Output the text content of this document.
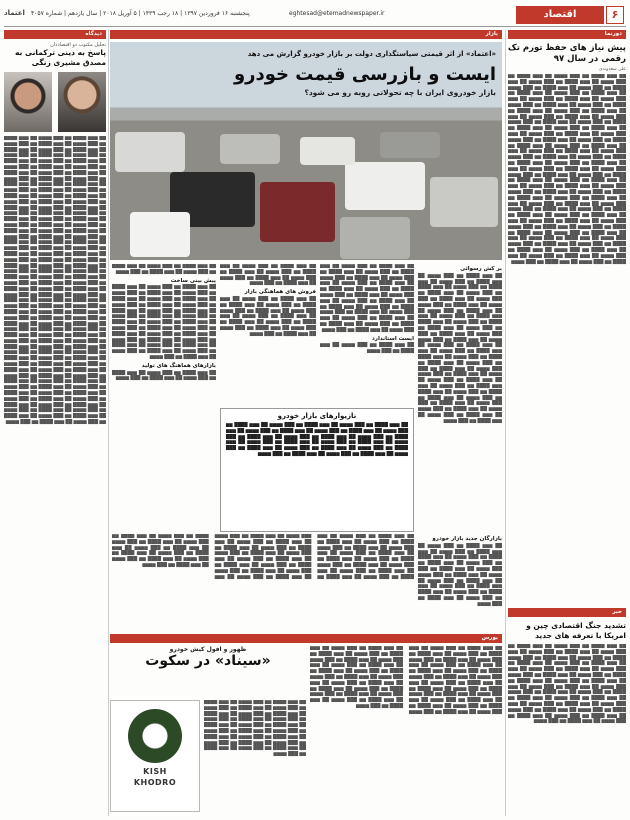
اعتماد پنجشنبه ۱۶ فروردین ۱۳۹۷ | ۱۸ رجب ۱۴۳۹ | ۵ آوریل ۲۰۱۸ | سال یازدهم | شماره ۴۰۵۷	eghtesad@etemadnewspaper.ir	اقتصاد	۶
دورنما
پیش نیاز های حفظ تورم تک رقمی در سال ۹۷
علی سعدوندی
██ ▆▆▆ ████ ▆▆ ███ ▆▆▆▆ ██ ▆▆▆ ████ ▆▆ ███ ▆▆▆▆ ██ ▆▆▆ ████ ▆▆ ███ ▆▆▆▆ ██ ▆▆▆ ████ ▆▆ ███ ▆▆▆▆ ██ ▆▆▆ ████ ▆▆ ███ ▆▆▆▆ ██ ▆▆▆ ████ ▆▆ ███ ▆▆▆▆ ██ ▆▆▆ ████ ▆▆ ███ ▆▆▆▆ ██ ▆▆▆ ████ ▆▆ ███ ▆▆▆▆ ██ ▆▆▆ ████ ▆▆ ███ ▆▆▆▆ ██ ▆▆▆ ████ ▆▆ ███ ▆▆▆▆ ██ ▆▆▆ ████ ▆▆ ███ ▆▆▆▆ ██ ▆▆▆ ████ ▆▆ ███ ▆▆▆▆ ██ ▆▆▆ ████ ▆▆ ███ ▆▆▆▆ ██ ▆▆▆ ████ ▆▆ ███ ▆▆▆▆ ██ ▆▆▆ ████ ▆▆ ███ ▆▆▆▆ ██ ▆▆▆ ████ ▆▆ ███ ▆▆▆▆ ██ ▆▆▆ ████ ▆▆ ███ ▆▆▆▆ ██ ▆▆▆ ████ ▆▆ ███ ▆▆▆▆ ██ ▆▆▆ ████ ▆▆ ███ ▆▆▆▆ ██ ▆▆▆ ████ ▆▆ ███ ▆▆▆▆ ██ ▆▆▆ ████ ▆▆ ███ ▆▆▆▆ ██ ▆▆▆ ████ ▆▆ ███ ▆▆▆▆ ██ ▆▆▆ ████ ▆▆ ███ ▆▆▆▆ ██ ▆▆▆ ████ ▆▆ ███ ▆▆▆▆ ██ ▆▆▆ ████ ▆▆ ███ ▆▆▆▆ ██ ▆▆▆ ████ ▆▆ ███ ▆▆▆▆ ██ ▆▆▆ ████ ▆▆ ███ ▆▆▆▆ ██ ▆▆▆ ████ ▆▆ ███ ▆▆▆▆ ██ ▆▆▆ ████ ▆▆ ███ ▆▆▆▆ ██ ▆▆▆ ████ ▆▆ ███ ▆▆▆▆ ██ ▆▆▆ ████ ▆▆ ███ ▆▆▆▆ ██ ▆▆▆ ████ ▆▆ ███ ▆▆▆▆ ██ ▆▆▆ ████ ▆▆ ███ ▆▆▆▆ ██ ▆▆▆ ████ ▆▆ ███ ▆▆▆▆ ██ ▆▆▆ ████ ▆▆ ███ ▆▆▆▆ ██ ▆▆▆ ████ ▆▆ ███ ▆▆▆▆ ██ ▆▆▆ ████ ▆▆ ███ ▆▆▆▆ ██ ▆▆▆ ████ ▆▆ ███ ▆▆▆▆ ██ ▆▆▆ ████ ▆▆ ███ ▆▆▆▆ ██ ▆▆▆ ████ ▆▆ ███ ▆▆▆▆ ██ ▆▆▆ ████ ▆▆ ███ ▆▆▆▆ ██ ▆▆▆ ████ ▆▆ ███ ▆▆▆▆ ██ ▆▆▆ ████ ▆▆ ███ ▆▆▆▆ ██ ▆▆▆ ████ ▆▆ ███ ▆▆▆▆ ██ ▆▆▆ ████ ▆▆ ███ ▆▆▆▆ ██ ▆▆▆ ████ ▆▆ ███ ▆▆▆▆ ██ ▆▆▆ ████ ▆▆ ███ ▆▆▆▆ ██ ▆▆▆ ████ ▆▆ ███ ▆▆▆▆ ██ ▆▆▆ ████ ▆▆ ███ ▆▆▆▆ ██ ▆▆▆ ████ ▆▆ ███ ▆▆▆▆ ██ ▆▆▆ ████ ▆▆ ███ ▆▆▆▆ ██ ▆▆▆ ████ ▆▆ ███ ▆▆▆▆ ██ ▆▆▆ ████ ▆▆ ███ ▆▆▆▆ ██ ▆▆▆ ████ ▆▆ ███ ▆▆▆▆ ██ ▆▆▆ ████ ▆▆ ███ ▆▆▆▆
خبر
تشدید جنگ اقتصادی چین و امریکا با تعرفه های جدید
██ ▆▆▆ ████ ▆▆ ███ ▆▆▆▆ ██ ▆▆▆ ████ ▆▆ ███ ▆▆▆▆ ██ ▆▆▆ ████ ▆▆ ███ ▆▆▆▆ ██ ▆▆▆ ████ ▆▆ ███ ▆▆▆▆ ██ ▆▆▆ ████ ▆▆ ███ ▆▆▆▆ ██ ▆▆▆ ████ ▆▆ ███ ▆▆▆▆ ██ ▆▆▆ ████ ▆▆ ███ ▆▆▆▆ ██ ▆▆▆ ████ ▆▆ ███ ▆▆▆▆ ██ ▆▆▆ ████ ▆▆ ███ ▆▆▆▆ ██ ▆▆▆ ████ ▆▆ ███ ▆▆▆▆ ██ ▆▆▆ ████ ▆▆ ███ ▆▆▆▆ ██ ▆▆▆ ████ ▆▆ ███ ▆▆▆▆ ██ ▆▆▆ ████ ▆▆ ███ ▆▆▆▆ ██ ▆▆▆ ████ ▆▆ ███ ▆▆▆▆ ██ ▆▆▆ ████ ▆▆ ███ ▆▆▆▆ ██ ▆▆▆ ████ ▆▆ ███ ▆▆▆▆ ██ ▆▆▆ ████ ▆▆ ███ ▆▆▆▆ ██ ▆▆▆ ████ ▆▆ ███ ▆▆▆▆ ██ ▆▆▆ ████ ▆▆ ███ ▆▆▆▆ ██ ▆▆▆ ████ ▆▆ ███ ▆▆▆▆ ██ ▆▆▆ ████ ▆▆ ███ ▆▆▆▆ ██ ▆▆▆ ████ ▆▆ ███ ▆▆▆▆ ██ ▆▆▆ ████ ▆▆ ███ ▆▆▆▆
دیدگاه
تحلیل مکتوب دو اقتصاددان
پاسخ به دینی ترکمانی به مصدق مشیری زنگی
██ ▆▆▆ ████ ▆▆ ███ ▆▆▆▆ ██ ▆▆▆ ████ ▆▆ ███ ▆▆▆▆ ██ ▆▆▆ ████ ▆▆ ███ ▆▆▆▆ ██ ▆▆▆ ████ ▆▆ ███ ▆▆▆▆ ██ ▆▆▆ ████ ▆▆ ███ ▆▆▆▆ ██ ▆▆▆ ████ ▆▆ ███ ▆▆▆▆ ██ ▆▆▆ ████ ▆▆ ███ ▆▆▆▆ ██ ▆▆▆ ████ ▆▆ ███ ▆▆▆▆ ██ ▆▆▆ ████ ▆▆ ███ ▆▆▆▆ ██ ▆▆▆ ████ ▆▆ ███ ▆▆▆▆ ██ ▆▆▆ ████ ▆▆ ███ ▆▆▆▆ ██ ▆▆▆ ████ ▆▆ ███ ▆▆▆▆ ██ ▆▆▆ ████ ▆▆ ███ ▆▆▆▆ ██ ▆▆▆ ████ ▆▆ ███ ▆▆▆▆ ██ ▆▆▆ ████ ▆▆ ███ ▆▆▆▆ ██ ▆▆▆ ████ ▆▆ ███ ▆▆▆▆ ██ ▆▆▆ ████ ▆▆ ███ ▆▆▆▆ ██ ▆▆▆ ████ ▆▆ ███ ▆▆▆▆ ██ ▆▆▆ ████ ▆▆ ███ ▆▆▆▆ ██ ▆▆▆ ████ ▆▆ ███ ▆▆▆▆ ██ ▆▆▆ ████ ▆▆ ███ ▆▆▆▆ ██ ▆▆▆ ████ ▆▆ ███ ▆▆▆▆ ██ ▆▆▆ ████ ▆▆ ███ ▆▆▆▆ ██ ▆▆▆ ████ ▆▆ ███ ▆▆▆▆ ██ ▆▆▆ ████ ▆▆ ███ ▆▆▆▆ ██ ▆▆▆ ████ ▆▆ ███ ▆▆▆▆ ██ ▆▆▆ ████ ▆▆ ███ ▆▆▆▆ ██ ▆▆▆ ████ ▆▆ ███ ▆▆▆▆ ██ ▆▆▆ ████ ▆▆ ███ ▆▆▆▆ ██ ▆▆▆ ████ ▆▆ ███ ▆▆▆▆ ██ ▆▆▆ ████ ▆▆ ███ ▆▆▆▆ ██ ▆▆▆ ████ ▆▆ ███ ▆▆▆▆ ██ ▆▆▆ ████ ▆▆ ███ ▆▆▆▆ ██ ▆▆▆ ████ ▆▆ ███ ▆▆▆▆ ██ ▆▆▆ ████ ▆▆ ███ ▆▆▆▆ ██ ▆▆▆ ████ ▆▆ ███ ▆▆▆▆ ██ ▆▆▆ ████ ▆▆ ███ ▆▆▆▆ ██ ▆▆▆ ████ ▆▆ ███ ▆▆▆▆ ██ ▆▆▆ ████ ▆▆ ███ ▆▆▆▆ ██ ▆▆▆ ████ ▆▆ ███ ▆▆▆▆ ██ ▆▆▆ ████ ▆▆ ███ ▆▆▆▆ ██ ▆▆▆ ████ ▆▆ ███ ▆▆▆▆ ██ ▆▆▆ ████ ▆▆ ███ ▆▆▆▆ ██ ▆▆▆ ████ ▆▆ ███ ▆▆▆▆ ██ ▆▆▆ ████ ▆▆ ███ ▆▆▆▆ ██ ▆▆▆ ████ ▆▆ ███ ▆▆▆▆ ██ ▆▆▆ ████ ▆▆ ███ ▆▆▆▆ ██ ▆▆▆ ████ ▆▆ ███ ▆▆▆▆ ██ ▆▆▆ ████ ▆▆ ███ ▆▆▆▆ ██ ▆▆▆ ████ ▆▆ ███ ▆▆▆▆ ██ ▆▆▆ ████ ▆▆ ███ ▆▆▆▆ ██ ▆▆▆ ████ ▆▆ ███ ▆▆▆▆ ██ ▆▆▆ ████ ▆▆ ███ ▆▆▆▆ ██ ▆▆▆ ████ ▆▆ ███ ▆▆▆▆ ██ ▆▆▆ ████ ▆▆ ███ ▆▆▆▆ ██ ▆▆▆ ████ ▆▆ ███ ▆▆▆▆ ██ ▆▆▆ ████ ▆▆ ███ ▆▆▆▆ ██ ▆▆▆ ████ ▆▆ ███ ▆▆▆▆ ██ ▆▆▆ ████ ▆▆ ███ ▆▆▆▆ ██ ▆▆▆ ████ ▆▆ ███ ▆▆▆▆ ██ ▆▆▆ ████ ▆▆ ███ ▆▆▆▆ ██ ▆▆▆ ████ ▆▆ ███ ▆▆▆▆ ██ ▆▆▆ ████ ▆▆ ███ ▆▆▆▆ ██ ▆▆▆ ████ ▆▆ ███ ▆▆▆▆ ██ ▆▆▆ ████ ▆▆ ███ ▆▆▆▆ ██ ▆▆▆ ████ ▆▆ ███ ▆▆▆▆ ██ ▆▆▆ ████ ▆▆ ███ ▆▆▆▆ ██ ▆▆▆ ████ ▆▆ ███ ▆▆▆▆ ██ ▆▆▆ ████ ▆▆ ███ ▆▆▆▆ ██ ▆▆▆ ████ ▆▆ ███ ▆▆▆▆ ██ ▆▆▆ ████ ▆▆ ███ ▆▆▆▆ ██ ▆▆▆ ████ ▆▆ ███ ▆▆▆▆ ██ ▆▆▆ ████ ▆▆ ███ ▆▆▆▆ ██ ▆▆▆ ████ ▆▆ ███ ▆▆▆▆ ██ ▆▆▆ ████ ▆▆ ███ ▆▆▆▆
بازار
«اعتماد» از اثر قیمتی سیاستگذاری دولت بر بازار خودرو گزارش می دهد
ایست و بازرسی قیمت خودرو
بازار خودروی ایران با چه تحولاتی روبه رو می شود؟
بر کش رسوائی
██ ▆▆▆ ████ ▆▆ ███ ▆▆▆▆ ██ ▆▆▆ ████ ▆▆ ███ ▆▆▆▆ ██ ▆▆▆ ████ ▆▆ ███ ▆▆▆▆ ██ ▆▆▆ ████ ▆▆ ███ ▆▆▆▆ ██ ▆▆▆ ████ ▆▆ ███ ▆▆▆▆ ██ ▆▆▆ ████ ▆▆ ███ ▆▆▆▆ ██ ▆▆▆ ████ ▆▆ ███ ▆▆▆▆ ██ ▆▆▆ ████ ▆▆ ███ ▆▆▆▆ ██ ▆▆▆ ████ ▆▆ ███ ▆▆▆▆ ██ ▆▆▆ ████ ▆▆ ███ ▆▆▆▆ ██ ▆▆▆ ████ ▆▆ ███ ▆▆▆▆ ██ ▆▆▆ ████ ▆▆ ███ ▆▆▆▆ ██ ▆▆▆ ████ ▆▆ ███ ▆▆▆▆ ██ ▆▆▆ ████ ▆▆ ███ ▆▆▆▆ ██ ▆▆▆ ████ ▆▆ ███ ▆▆▆▆ ██ ▆▆▆ ████ ▆▆ ███ ▆▆▆▆ ██ ▆▆▆ ████ ▆▆ ███ ▆▆▆▆ ██ ▆▆▆ ████ ▆▆ ███ ▆▆▆▆ ██ ▆▆▆ ████ ▆▆ ███ ▆▆▆▆ ██ ▆▆▆ ████ ▆▆ ███ ▆▆▆▆ ██ ▆▆▆ ████ ▆▆ ███ ▆▆▆▆ ██ ▆▆▆ ████ ▆▆ ███ ▆▆▆▆ ██ ▆▆▆ ████ ▆▆ ███ ▆▆▆▆ ██ ▆▆▆ ████ ▆▆ ███ ▆▆▆▆ ██ ▆▆▆ ████ ▆▆ ███ ▆▆▆▆ ██ ▆▆▆ ████ ▆▆ ███ ▆▆▆▆ ██ ▆▆▆ ████ ▆▆ ███ ▆▆▆▆ ██ ▆▆▆ ████ ▆▆ ███ ▆▆▆▆ ██ ▆▆▆ ████ ▆▆ ███ ▆▆▆▆ ██ ▆▆▆ ████ ▆▆ ███ ▆▆▆▆
██ ▆▆▆ ████ ▆▆ ███ ▆▆▆▆ ██ ▆▆▆ ████ ▆▆ ███ ▆▆▆▆ ██ ▆▆▆ ████ ▆▆ ███ ▆▆▆▆ ██ ▆▆▆ ████ ▆▆ ███ ▆▆▆▆ ██ ▆▆▆ ████ ▆▆ ███ ▆▆▆▆ ██ ▆▆▆ ████ ▆▆ ███ ▆▆▆▆ ██ ▆▆▆ ████ ▆▆ ███ ▆▆▆▆ ██ ▆▆▆ ████ ▆▆ ███ ▆▆▆▆ ██ ▆▆▆ ████ ▆▆ ███ ▆▆▆▆ ██ ▆▆▆ ████ ▆▆ ███ ▆▆▆▆ ██ ▆▆▆ ████ ▆▆ ███ ▆▆▆▆ ██ ▆▆▆ ████ ▆▆ ███ ▆▆▆▆ ██ ▆▆▆ ████ ▆▆ ███ ▆▆▆▆ ██ ▆▆▆ ████ ▆▆ ███ ▆▆▆▆ ██ ▆▆▆ ████ ▆▆ ███ ▆▆▆▆ ██ ▆▆▆ ████ ▆▆ ███ ▆▆▆▆
ایست استاندارد
██ ▆▆▆ ████ ▆▆ ███ ▆▆▆▆ ██ ▆▆▆ ████ ▆▆ ███ ▆▆▆▆
██ ▆▆▆ ████ ▆▆ ███ ▆▆▆▆ ██ ▆▆▆ ████ ▆▆ ███ ▆▆▆▆ ██ ▆▆▆ ████ ▆▆ ███ ▆▆▆▆ ██ ▆▆▆ ████ ▆▆ ███ ▆▆▆▆ ██ ▆▆▆ ████ ▆▆ ███ ▆▆▆▆
فروش های هماهنگی بازار
██ ▆▆▆ ████ ▆▆ ███ ▆▆▆▆ ██ ▆▆▆ ████ ▆▆ ███ ▆▆▆▆ ██ ▆▆▆ ████ ▆▆ ███ ▆▆▆▆ ██ ▆▆▆ ████ ▆▆ ███ ▆▆▆▆ ██ ▆▆▆ ████ ▆▆ ███ ▆▆▆▆ ██ ▆▆▆ ████ ▆▆ ███ ▆▆▆▆ ██ ▆▆▆ ████ ▆▆ ███ ▆▆▆▆ ██ ▆▆▆ ████ ▆▆ ███ ▆▆▆▆ ██ ▆▆▆ ████ ▆▆ ███ ▆▆▆▆
██ ▆▆▆ ████ ▆▆ ███ ▆▆▆▆ ██ ▆▆▆ ████ ▆▆ ███ ▆▆▆▆ ██ ▆▆▆ ████ ▆▆ ███ ▆▆▆▆
پیش بینی ساخت
██ ▆▆▆ ████ ▆▆ ███ ▆▆▆▆ ██ ▆▆▆ ████ ▆▆ ███ ▆▆▆▆ ██ ▆▆▆ ████ ▆▆ ███ ▆▆▆▆ ██ ▆▆▆ ████ ▆▆ ███ ▆▆▆▆ ██ ▆▆▆ ████ ▆▆ ███ ▆▆▆▆ ██ ▆▆▆ ████ ▆▆ ███ ▆▆▆▆ ██ ▆▆▆ ████ ▆▆ ███ ▆▆▆▆ ██ ▆▆▆ ████ ▆▆ ███ ▆▆▆▆ ██ ▆▆▆ ████ ▆▆ ███ ▆▆▆▆ ██ ▆▆▆ ████ ▆▆ ███ ▆▆▆▆ ██ ▆▆▆ ████ ▆▆ ███ ▆▆▆▆ ██ ▆▆▆ ████ ▆▆ ███ ▆▆▆▆ ██ ▆▆▆ ████ ▆▆ ███ ▆▆▆▆ ██ ▆▆▆ ████ ▆▆ ███ ▆▆▆▆ ██ ▆▆▆ ████ ▆▆ ███ ▆▆▆▆ ██ ▆▆▆ ████ ▆▆ ███ ▆▆▆▆ ██ ▆▆▆ ████ ▆▆ ███ ▆▆▆▆ ██ ▆▆▆ ████ ▆▆ ███ ▆▆▆▆ ██ ▆▆▆ ████ ▆▆ ███ ▆▆▆▆
بازارهای هماهنگ های تولید
██ ▆▆▆ ████ ▆▆ ███ ▆▆▆▆ ██ ▆▆▆ ████ ▆▆ ███ ▆▆▆▆ ██ ▆▆▆ ████ ▆▆ ███ ▆▆▆▆
نازیوارهای بازار خودرو
██ ▆▆▆ ████ ▆▆ ███ ▆▆▆▆ ██ ▆▆▆ ████ ▆▆ ███ ▆▆▆▆ ██ ▆▆▆ ████ ▆▆ ███ ▆▆▆▆ ██ ▆▆▆ ████ ▆▆ ███ ▆▆▆▆ ██ ▆▆▆ ████ ▆▆ ███ ▆▆▆▆ ██ ▆▆▆ ████ ▆▆ ███ ▆▆▆▆ ██ ▆▆▆ ████ ▆▆ ███ ▆▆▆▆ ██ ▆▆▆ ████ ▆▆ ███ ▆▆▆▆ ██ ▆▆▆ ████ ▆▆ ███ ▆▆▆▆ ██ ▆▆▆ ████ ▆▆ ███ ▆▆▆▆ ██ ▆▆▆ ████ ▆▆ ███ ▆▆▆▆ ██ ▆▆▆ ████ ▆▆ ███ ▆▆▆▆ ██ ▆▆▆ ████ ▆▆ ███ ▆▆▆▆ ██ ▆▆▆ ████ ▆▆ ███ ▆▆▆▆ ██ ▆▆▆ ████ ▆▆ ███ ▆▆▆▆
بازارگان جدید بازار خودرو
██ ▆▆▆ ████ ▆▆ ███ ▆▆▆▆ ██ ▆▆▆ ████ ▆▆ ███ ▆▆▆▆ ██ ▆▆▆ ████ ▆▆ ███ ▆▆▆▆ ██ ▆▆▆ ████ ▆▆ ███ ▆▆▆▆ ██ ▆▆▆ ████ ▆▆ ███ ▆▆▆▆ ██ ▆▆▆ ████ ▆▆ ███ ▆▆▆▆ ██ ▆▆▆ ████ ▆▆ ███ ▆▆▆▆ ██ ▆▆▆ ████ ▆▆ ███ ▆▆▆▆ ██ ▆▆▆ ████ ▆▆ ███ ▆▆▆▆ ██ ▆▆▆ ████ ▆▆ ███ ▆▆▆▆ ██ ▆▆▆ ████ ▆▆ ███ ▆▆▆▆ ██ ▆▆▆ ████ ▆▆ ███ ▆▆▆▆
██ ▆▆▆ ████ ▆▆ ███ ▆▆▆▆ ██ ▆▆▆ ████ ▆▆ ███ ▆▆▆▆ ██ ▆▆▆ ████ ▆▆ ███ ▆▆▆▆ ██ ▆▆▆ ████ ▆▆ ███ ▆▆▆▆ ██ ▆▆▆ ████ ▆▆ ███ ▆▆▆▆ ██ ▆▆▆ ████ ▆▆ ███ ▆▆▆▆ ██ ▆▆▆ ████ ▆▆ ███ ▆▆▆▆ ██ ▆▆▆ ████ ▆▆ ███ ▆▆▆▆ ██ ▆▆▆ ████ ▆▆ ███ ▆▆▆▆ ██ ▆▆▆ ████ ▆▆ ███ ▆▆▆▆ ██ ▆▆▆ ████ ▆▆ ███ ▆▆▆▆ ██ ▆▆▆ ████ ▆▆ ███ ▆▆▆▆ ██ ▆▆▆ ████ ▆▆ ███ ▆▆▆▆ ██ ▆▆▆ ████ ▆▆ ███ ▆▆▆▆ ██ ▆▆▆ ████ ▆▆ ███ ▆▆▆▆ ██ ▆▆▆ ████ ▆▆ ███ ▆▆▆▆ ██ ▆▆▆ ████ ▆▆ ███ ▆▆▆▆ ██ ▆▆▆ ████ ▆▆ ███ ▆▆▆▆ ██ ▆▆▆ ████ ▆▆ ███ ▆▆▆▆ ██ ▆▆▆ ████ ▆▆ ███ ▆▆▆▆ ██ ▆▆▆ ████ ▆▆ ███ ▆▆▆▆ ██ ▆▆▆ ████ ▆▆ ███ ▆▆▆▆ ██ ▆▆▆ ████ ▆▆ ███ ▆▆▆▆ ██ ▆▆▆ ████ ▆▆ ███ ▆▆▆▆ ██ ▆▆▆ ████ ▆▆ ███ ▆▆▆▆ ██ ▆▆▆ ████ ▆▆ ███ ▆▆▆▆ ██ ▆▆▆ ████ ▆▆ ███ ▆▆▆▆ ██ ▆▆▆ ████ ▆▆ ███ ▆▆▆▆ ██ ▆▆▆ ████ ▆▆ ███ ▆▆▆▆
بورس
ظهور و افول کیش خودرو
«سیناد» در سکوت
██ ▆▆▆ ████ ▆▆ ███ ▆▆▆▆ ██ ▆▆▆ ████ ▆▆ ███ ▆▆▆▆ ██ ▆▆▆ ████ ▆▆ ███ ▆▆▆▆ ██ ▆▆▆ ████ ▆▆ ███ ▆▆▆▆ ██ ▆▆▆ ████ ▆▆ ███ ▆▆▆▆ ██ ▆▆▆ ████ ▆▆ ███ ▆▆▆▆ ██ ▆▆▆ ████ ▆▆ ███ ▆▆▆▆ ██ ▆▆▆ ████ ▆▆ ███ ▆▆▆▆ ██ ▆▆▆ ████ ▆▆ ███ ▆▆▆▆ ██ ▆▆▆ ████ ▆▆ ███ ▆▆▆▆ ██ ▆▆▆ ████ ▆▆ ███ ▆▆▆▆ ██ ▆▆▆ ████ ▆▆ ███ ▆▆▆▆ ██ ▆▆▆ ████ ▆▆ ███ ▆▆▆▆ ██ ▆▆▆ ████ ▆▆ ███ ▆▆▆▆ ██ ▆▆▆ ████ ▆▆ ███ ▆▆▆▆ ██ ▆▆▆ ████ ▆▆ ███ ▆▆▆▆ ██ ▆▆▆ ████ ▆▆ ███ ▆▆▆▆ ██ ▆▆▆ ████ ▆▆ ███ ▆▆▆▆ ██ ▆▆▆ ████ ▆▆ ███ ▆▆▆▆ ██ ▆▆▆ ████ ▆▆ ███ ▆▆▆▆ ██ ▆▆▆ ████ ▆▆ ███ ▆▆▆▆ ██ ▆▆▆ ████ ▆▆ ███ ▆▆▆▆ ██ ▆▆▆ ████ ▆▆ ███ ▆▆▆▆ ██ ▆▆▆ ████ ▆▆ ███ ▆▆▆▆ ██ ▆▆▆ ████ ▆▆ ███ ▆▆▆▆ ██ ▆▆▆ ████ ▆▆ ███ ▆▆▆▆ ██ ▆▆▆ ████ ▆▆ ███ ▆▆▆▆ ██ ▆▆▆ ████ ▆▆ ███ ▆▆▆▆ ██ ▆▆▆ ████ ▆▆ ███ ▆▆▆▆ ██ ▆▆▆ ████ ▆▆ ███ ▆▆▆▆
██ ▆▆▆ ████ ▆▆ ███ ▆▆▆▆ ██ ▆▆▆ ████ ▆▆ ███ ▆▆▆▆ ██ ▆▆▆ ████ ▆▆ ███ ▆▆▆▆ ██ ▆▆▆ ████ ▆▆ ███ ▆▆▆▆ ██ ▆▆▆ ████ ▆▆ ███ ▆▆▆▆ ██ ▆▆▆ ████ ▆▆ ███ ▆▆▆▆ ██ ▆▆▆ ████ ▆▆ ███ ▆▆▆▆ ██ ▆▆▆ ████ ▆▆ ███ ▆▆▆▆ ██ ▆▆▆ ████ ▆▆ ███ ▆▆▆▆ ██ ▆▆▆ ████ ▆▆ ███ ▆▆▆▆ ██ ▆▆▆ ████ ▆▆ ███ ▆▆▆▆ ██ ▆▆▆ ████ ▆▆ ███ ▆▆▆▆ ██ ▆▆▆ ████ ▆▆ ███ ▆▆▆▆ ██ ▆▆▆ ████ ▆▆ ███ ▆▆▆▆
KISH
KHODRO
